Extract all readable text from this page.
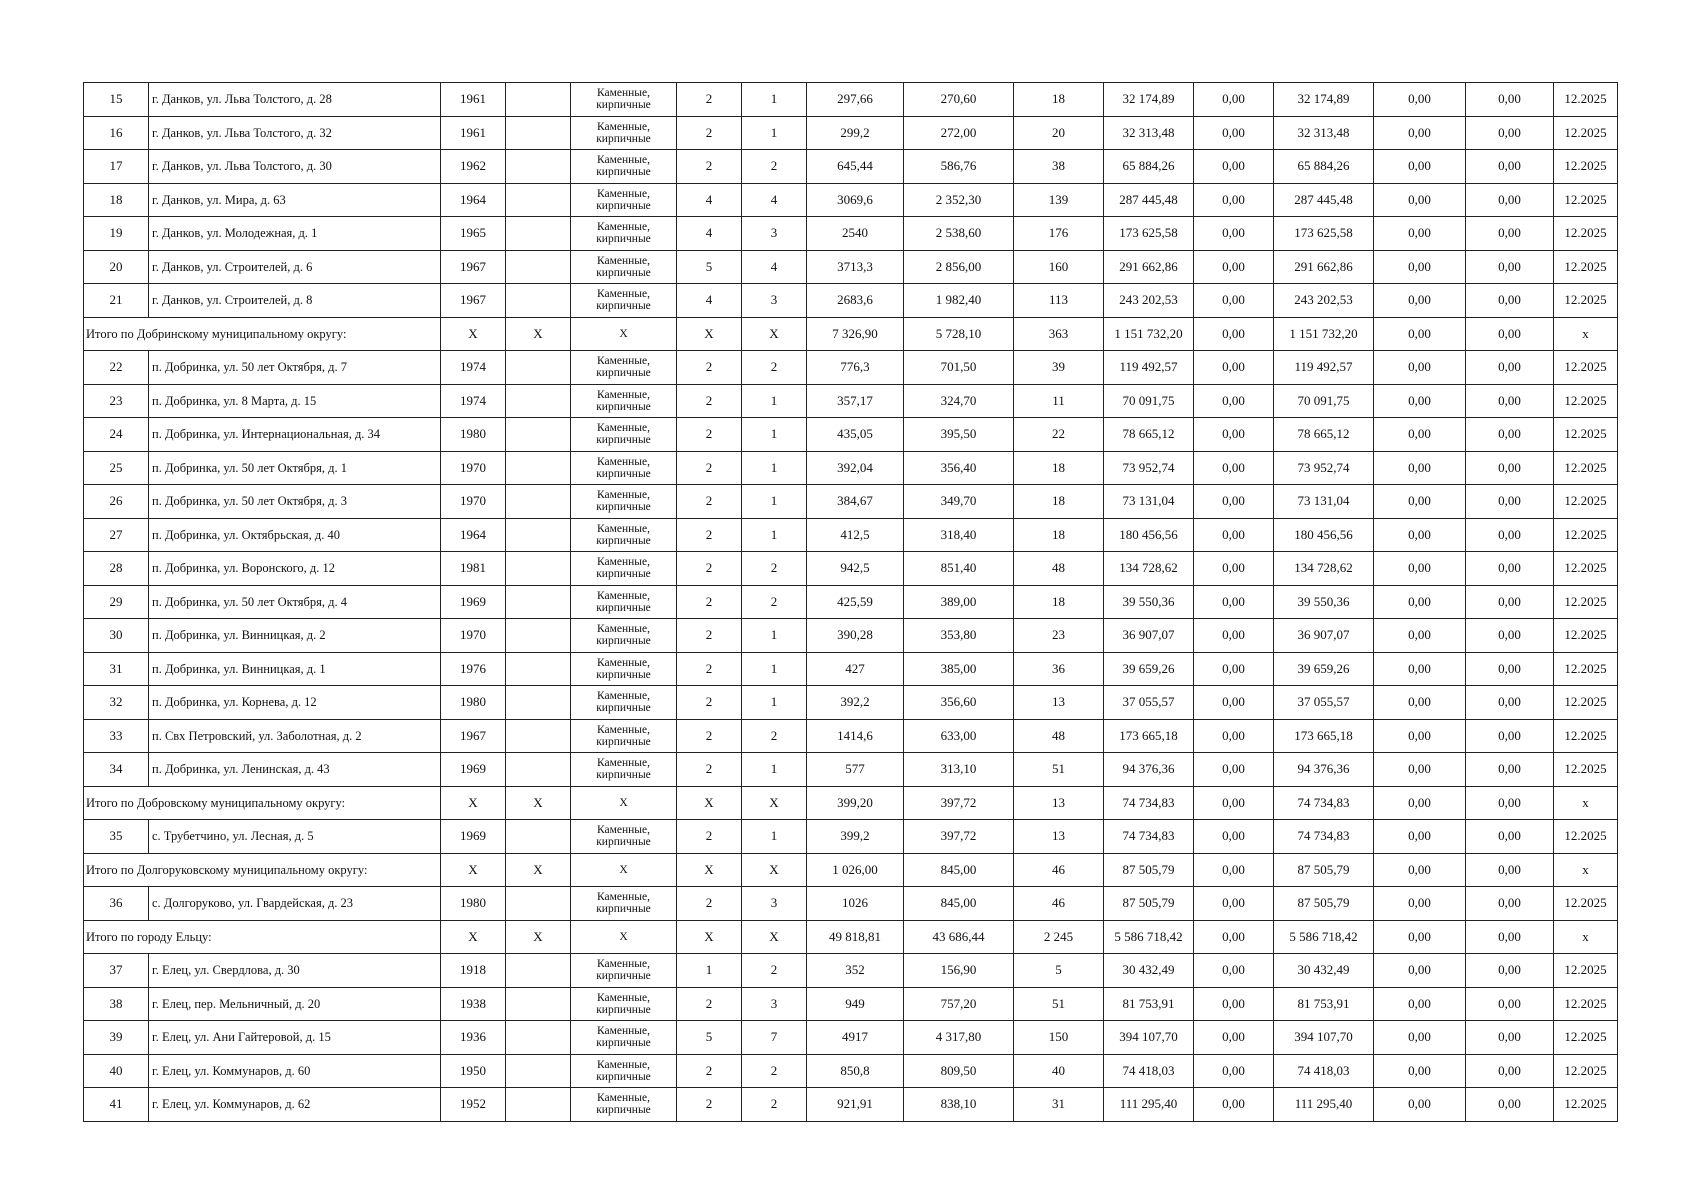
15	г. Данков, ул. Льва Толстого, д. 28	1961		Каменные,
кирпичные	2	1	297,66	270,60	18	32 174,89	0,00	32 174,89	0,00	0,00	12.2025
16	г. Данков, ул. Льва Толстого, д. 32	1961		Каменные,
кирпичные	2	1	299,2	272,00	20	32 313,48	0,00	32 313,48	0,00	0,00	12.2025
17	г. Данков, ул. Льва Толстого, д. 30	1962		Каменные,
кирпичные	2	2	645,44	586,76	38	65 884,26	0,00	65 884,26	0,00	0,00	12.2025
18	г. Данков, ул. Мира, д. 63	1964		Каменные,
кирпичные	4	4	3069,6	2 352,30	139	287 445,48	0,00	287 445,48	0,00	0,00	12.2025
19	г. Данков, ул. Молодежная, д. 1	1965		Каменные,
кирпичные	4	3	2540	2 538,60	176	173 625,58	0,00	173 625,58	0,00	0,00	12.2025
20	г. Данков, ул. Строителей, д. 6	1967		Каменные,
кирпичные	5	4	3713,3	2 856,00	160	291 662,86	0,00	291 662,86	0,00	0,00	12.2025
21	г. Данков, ул. Строителей, д. 8	1967		Каменные,
кирпичные	4	3	2683,6	1 982,40	113	243 202,53	0,00	243 202,53	0,00	0,00	12.2025
Итого по Добринскому муниципальному округу:		X	X	X	X	X	7 326,90	5 728,10	363	1 151 732,20	0,00	1 151 732,20	0,00	0,00	x
22	п. Добринка, ул. 50 лет Октября, д. 7	1974		Каменные,
кирпичные	2	2	776,3	701,50	39	119 492,57	0,00	119 492,57	0,00	0,00	12.2025
23	п. Добринка, ул. 8 Марта, д. 15	1974		Каменные,
кирпичные	2	1	357,17	324,70	11	70 091,75	0,00	70 091,75	0,00	0,00	12.2025
24	п. Добринка, ул. Интернациональная, д. 34	1980		Каменные,
кирпичные	2	1	435,05	395,50	22	78 665,12	0,00	78 665,12	0,00	0,00	12.2025
25	п. Добринка, ул. 50 лет Октября, д. 1	1970		Каменные,
кирпичные	2	1	392,04	356,40	18	73 952,74	0,00	73 952,74	0,00	0,00	12.2025
26	п. Добринка, ул. 50 лет Октября, д. 3	1970		Каменные,
кирпичные	2	1	384,67	349,70	18	73 131,04	0,00	73 131,04	0,00	0,00	12.2025
27	п. Добринка, ул. Октябрьская, д. 40	1964		Каменные,
кирпичные	2	1	412,5	318,40	18	180 456,56	0,00	180 456,56	0,00	0,00	12.2025
28	п. Добринка, ул. Воронского, д. 12	1981		Каменные,
кирпичные	2	2	942,5	851,40	48	134 728,62	0,00	134 728,62	0,00	0,00	12.2025
29	п. Добринка, ул. 50 лет Октября, д. 4	1969		Каменные,
кирпичные	2	2	425,59	389,00	18	39 550,36	0,00	39 550,36	0,00	0,00	12.2025
30	п. Добринка, ул. Винницкая, д. 2	1970		Каменные,
кирпичные	2	1	390,28	353,80	23	36 907,07	0,00	36 907,07	0,00	0,00	12.2025
31	п. Добринка, ул. Винницкая, д. 1	1976		Каменные,
кирпичные	2	1	427	385,00	36	39 659,26	0,00	39 659,26	0,00	0,00	12.2025
32	п. Добринка, ул. Корнева, д. 12	1980		Каменные,
кирпичные	2	1	392,2	356,60	13	37 055,57	0,00	37 055,57	0,00	0,00	12.2025
33	п. Свх Петровский, ул. Заболотная, д. 2	1967		Каменные,
кирпичные	2	2	1414,6	633,00	48	173 665,18	0,00	173 665,18	0,00	0,00	12.2025
34	п. Добринка, ул. Ленинская, д. 43	1969		Каменные,
кирпичные	2	1	577	313,10	51	94 376,36	0,00	94 376,36	0,00	0,00	12.2025
Итого по Добровскому муниципальному округу:		X	X	X	X	X	399,20	397,72	13	74 734,83	0,00	74 734,83	0,00	0,00	x
35	с. Трубетчино, ул. Лесная, д. 5	1969		Каменные,
кирпичные	2	1	399,2	397,72	13	74 734,83	0,00	74 734,83	0,00	0,00	12.2025
Итого по Долгоруковскому муниципальному округу:		X	X	X	X	X	1 026,00	845,00	46	87 505,79	0,00	87 505,79	0,00	0,00	x
36	с. Долгоруково, ул. Гвардейская, д. 23	1980		Каменные,
кирпичные	2	3	1026	845,00	46	87 505,79	0,00	87 505,79	0,00	0,00	12.2025
Итого по городу Ельцу:		X	X	X	X	X	49 818,81	43 686,44	2 245	5 586 718,42	0,00	5 586 718,42	0,00	0,00	x
37	г. Елец, ул. Свердлова, д. 30	1918		Каменные,
кирпичные	1	2	352	156,90	5	30 432,49	0,00	30 432,49	0,00	0,00	12.2025
38	г. Елец, пер. Мельничный, д. 20	1938		Каменные,
кирпичные	2	3	949	757,20	51	81 753,91	0,00	81 753,91	0,00	0,00	12.2025
39	г. Елец, ул. Ани Гайтеровой, д. 15	1936		Каменные,
кирпичные	5	7	4917	4 317,80	150	394 107,70	0,00	394 107,70	0,00	0,00	12.2025
40	г. Елец, ул. Коммунаров, д. 60	1950		Каменные,
кирпичные	2	2	850,8	809,50	40	74 418,03	0,00	74 418,03	0,00	0,00	12.2025
41	г. Елец, ул. Коммунаров, д. 62	1952		Каменные,
кирпичные	2	2	921,91	838,10	31	111 295,40	0,00	111 295,40	0,00	0,00	12.2025
